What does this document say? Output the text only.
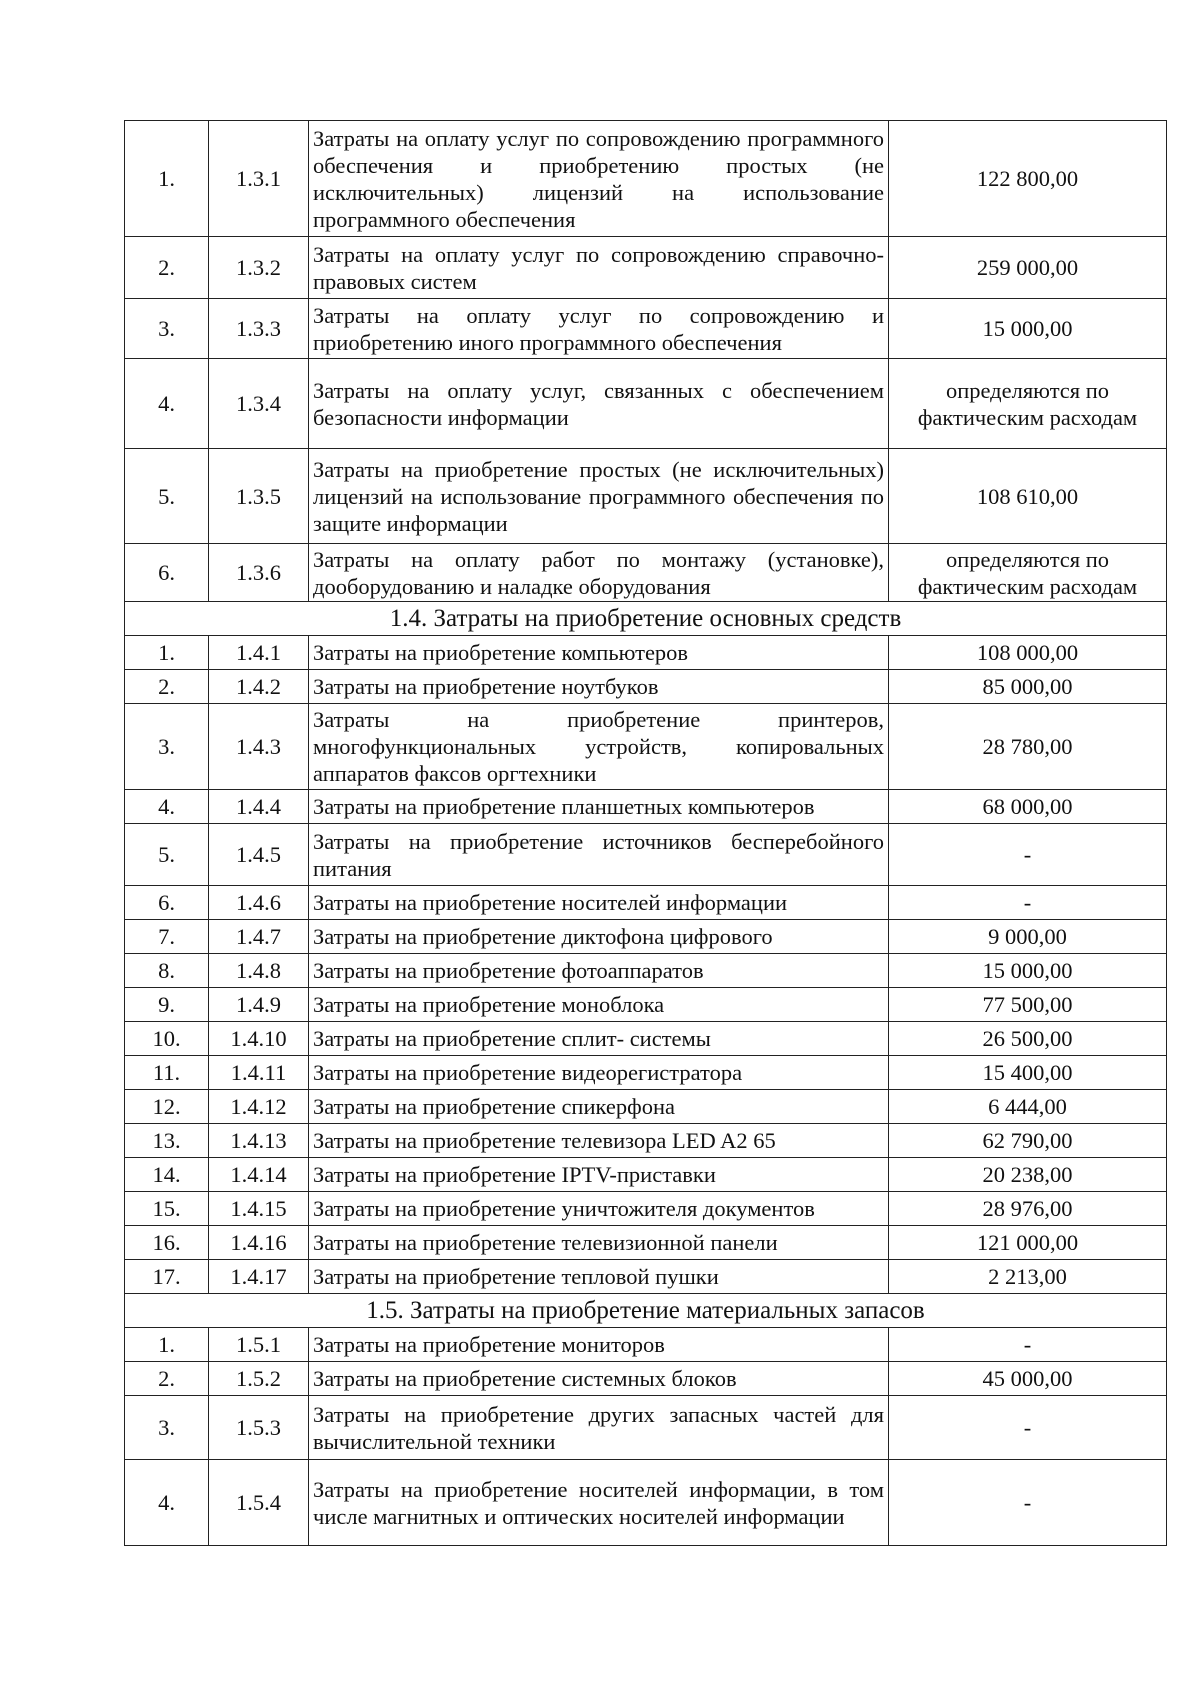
1.	1.3.1	Затраты на оплату услуг по сопровождению программного обеспечения и приобретению простых (не исключительных) лицензий на использование программного обеспечения	122 800,00
2.	1.3.2	Затраты на оплату услуг по сопровождению справочно- правовых систем	259 000,00
3.	1.3.3	Затраты на оплату услуг по сопровождению и приобретению иного программного обеспечения	15 000,00
4.	1.3.4	Затраты на оплату услуг, связанных с обеспечением безопасности информации	определяются по фактическим расходам
5.	1.3.5	Затраты на приобретение простых (не исключительных) лицензий на использование программного обеспечения по защите информации	108 610,00
6.	1.3.6	Затраты на оплату работ по монтажу (установке), дооборудованию и наладке оборудования	определяются по фактическим расходам
1.4. Затраты на приобретение основных средств			
1.	1.4.1	Затраты на приобретение компьютеров	108 000,00
2.	1.4.2	Затраты на приобретение ноутбуков	85 000,00
3.	1.4.3	Затраты на приобретение принтеров, многофункциональных устройств, копировальных аппаратов факсов оргтехники	28 780,00
4.	1.4.4	Затраты на приобретение планшетных компьютеров	68 000,00
5.	1.4.5	Затраты на приобретение источников бесперебойного питания	-
6.	1.4.6	Затраты на приобретение носителей информации	-
7.	1.4.7	Затраты на приобретение диктофона цифрового	9 000,00
8.	1.4.8	Затраты на приобретение фотоаппаратов	15 000,00
9.	1.4.9	Затраты на приобретение моноблока	77 500,00
10.	1.4.10	Затраты на приобретение сплит- системы	26 500,00
11.	1.4.11	Затраты на приобретение видеорегистратора	15 400,00
12.	1.4.12	Затраты на приобретение спикерфона	6 444,00
13.	1.4.13	Затраты на приобретение телевизора LED A2 65	62 790,00
14.	1.4.14	Затраты на приобретение IPTV-приставки	20 238,00
15.	1.4.15	Затраты на приобретение уничтожителя документов	28 976,00
16.	1.4.16	Затраты на приобретение телевизионной панели	121 000,00
17.	1.4.17	Затраты на приобретение тепловой пушки	2 213,00
1.5. Затраты на приобретение материальных запасов			
1.	1.5.1	Затраты на приобретение мониторов	-
2.	1.5.2	Затраты на приобретение системных блоков	45 000,00
3.	1.5.3	Затраты на приобретение других запасных частей для вычислительной техники	-
4.	1.5.4	Затраты на приобретение носителей информации, в том числе магнитных и оптических носителей информации	-
